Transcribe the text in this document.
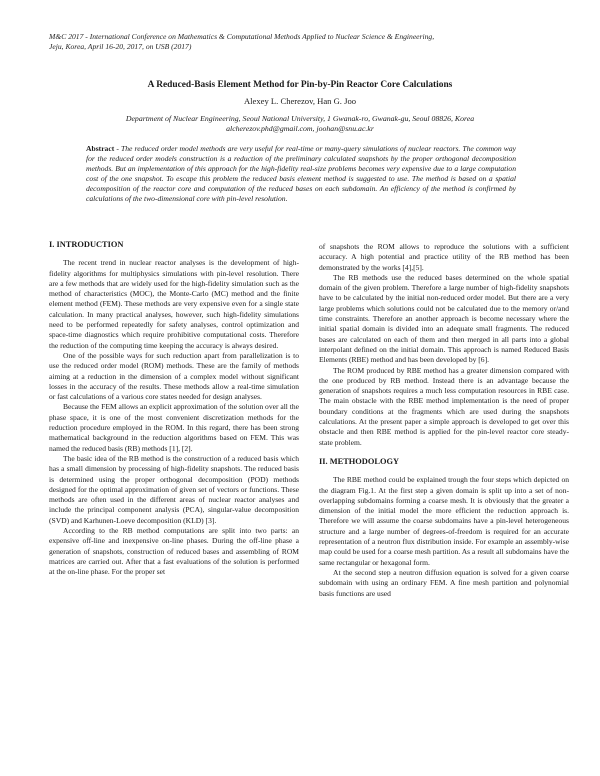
M&C 2017 - International Conference on Mathematics & Computational Methods Applied to Nuclear Science & Engineering,
Jeju, Korea, April 16-20, 2017, on USB (2017)
A Reduced-Basis Element Method for Pin-by-Pin Reactor Core Calculations
Alexey L. Cherezov, Han G. Joo
Department of Nuclear Engineering, Seoul National University, 1 Gwanak-ro, Gwanak-gu, Seoul 08826, Korea
alcherezov.phd@gmail.com, joohan@snu.ac.kr
Abstract - The reduced order model methods are very useful for real-time or many-query simulations of nuclear reactors. The common way for the reduced order models construction is a reduction of the preliminary calculated snapshots by the proper orthogonal decomposition methods. But an implementation of this approach for the high-fidelity real-size problems becomes very expensive due to a large computation cost of the one snapshot. To escape this problem the reduced basis element method is suggested to use. The method is based on a spatial decomposition of the reactor core and computation of the reduced bases on each subdomain. An efficiency of the method is confirmed by calculations of the two-dimensional core with pin-level resolution.
I. INTRODUCTION

The recent trend in nuclear reactor analyses is the development of high-fidelity algorithms for multiphysics simulations with pin-level resolution. There are a few methods that are widely used for the high-fidelity simulation such as the method of characteristics (MOC), the Monte-Carlo (MC) method and the finite element method (FEM). These methods are very expensive even for a single state calculation. In many practical analyses, however, such high-fidelity simulations need to be performed repeatedly for safety analyses, control optimization and space-time diagnostics which require prohibitive computational costs. Therefore the reduction of the computing time keeping the accuracy is always desired.

One of the possible ways for such reduction apart from parallelization is to use the reduced order model (ROM) methods. These are the family of methods aiming at a reduction in the dimension of a complex model without significant losses in the accuracy of the results. These methods allow a real-time simulation or fast calculations of a various core states needed for design analyses.

Because the FEM allows an explicit approximation of the solution over all the phase space, it is one of the most convenient discretization methods for the reduction procedure employed in the ROM. In this regard, there has been strong mathematical background in the reduction algorithms based on FEM. This was named the reduced basis (RB) methods [1], [2].

The basic idea of the RB method is the construction of a reduced basis which has a small dimension by processing of high-fidelity snapshots. The reduced basis is determined using the proper orthogonal decomposition (POD) methods designed for the optimal approximation of given set of vectors or functions. These methods are often used in the different areas of nuclear reactor analyses and include the principal component analysis (PCA), singular-value decomposition (SVD) and Karhunen-Loeve decomposition (KLD) [3].

According to the RB method computations are split into two parts: an expensive off-line and inexpensive on-line phases. During the off-line phase a generation of snapshots, construction of reduced bases and assembling of ROM matrices are carried out. After that a fast evaluations of the solution is performed at the on-line phase. For the proper set

of snapshots the ROM allows to reproduce the solutions with a sufficient accuracy. A high potential and practice utility of the RB method has been demonstrated by the works [4],[5].

The RB methods use the reduced bases determined on the whole spatial domain of the given problem. Therefore a large number of high-fidelity snapshots have to be calculated by the initial non-reduced order model. But there are a very large problems which solutions could not be calculated due to the memory or/and time constraints. Therefore an another approach is become necessary where the initial spatial domain is divided into an adequate small fragments. The reduced bases are calculated on each of them and then merged in all parts into a global interpolant defined on the initial domain. This approach is named Reduced Basis Elements (RBE) method and has been developed by [6].

The ROM produced by RBE method has a greater dimension compared with the one produced by RB method. Instead there is an advantage because the generation of snapshots requires a much less computation resources in RBE case. The main obstacle with the RBE method implementation is the need of proper boundary conditions at the fragments which are used during the snapshots calculations. At the present paper a simple approach is developed to get over this obstacle and then RBE method is applied for the pin-level reactor core steady-state problem.

II. METHODOLOGY

The RBE method could be explained trough the four steps which depicted on the diagram Fig.1. At the first step a given domain is split up into a set of non-overlapping subdomains forming a coarse mesh. It is obviously that the greater a dimension of the initial model the more efficient the reduction approach is. Therefore we will assume the coarse subdomains have a pin-level heterogeneous structure and a large number of degrees-of-freedom is required for an accurate representation of a neutron flux distribution inside. For example an assembly-wise map could be used for a coarse mesh partition. As a result all subdomains have the same rectangular or hexagonal form.

At the second step a neutron diffusion equation is solved for a given coarse subdomain with using an ordinary FEM. A fine mesh partition and polynomial basis functions are used
